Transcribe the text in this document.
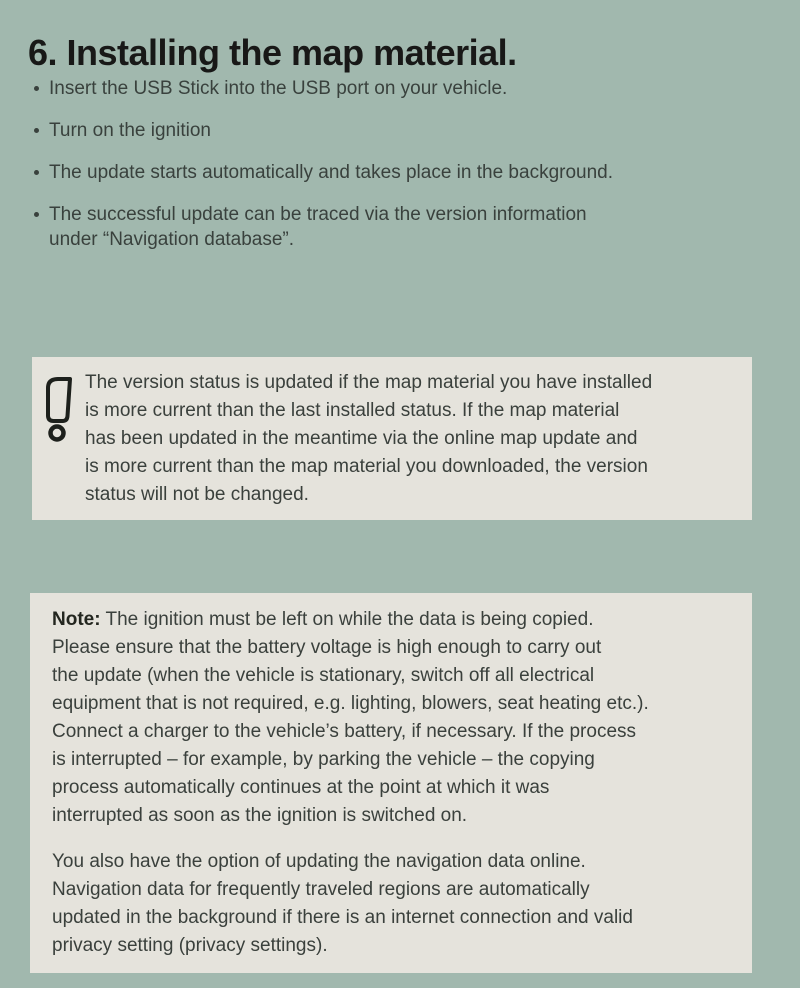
6. Installing the map material.
Insert the USB Stick into the USB port on your vehicle.
Turn on the ignition
The update starts automatically and takes place in the background.
The successful update can be traced via the version information
under “Navigation database”.
The version status is updated if the map material you have installed
is more current than the last installed status. If the map material
has been updated in the meantime via the online map update and
is more current than the map material you downloaded, the version
status will not be changed.
Note: The ignition must be left on while the data is being copied.
Please ensure that the battery voltage is high enough to carry out
the update (when the vehicle is stationary, switch off all electrical
equipment that is not required, e.g. lighting, blowers, seat heating etc.).
Connect a charger to the vehicle’s battery, if necessary. If the process
is interrupted – for example, by parking the vehicle – the copying
process automatically continues at the point at which it was
interrupted as soon as the ignition is switched on.
You also have the option of updating the navigation data online.
Navigation data for frequently traveled regions are automatically
updated in the background if there is an internet connection and valid
privacy setting (privacy settings).
